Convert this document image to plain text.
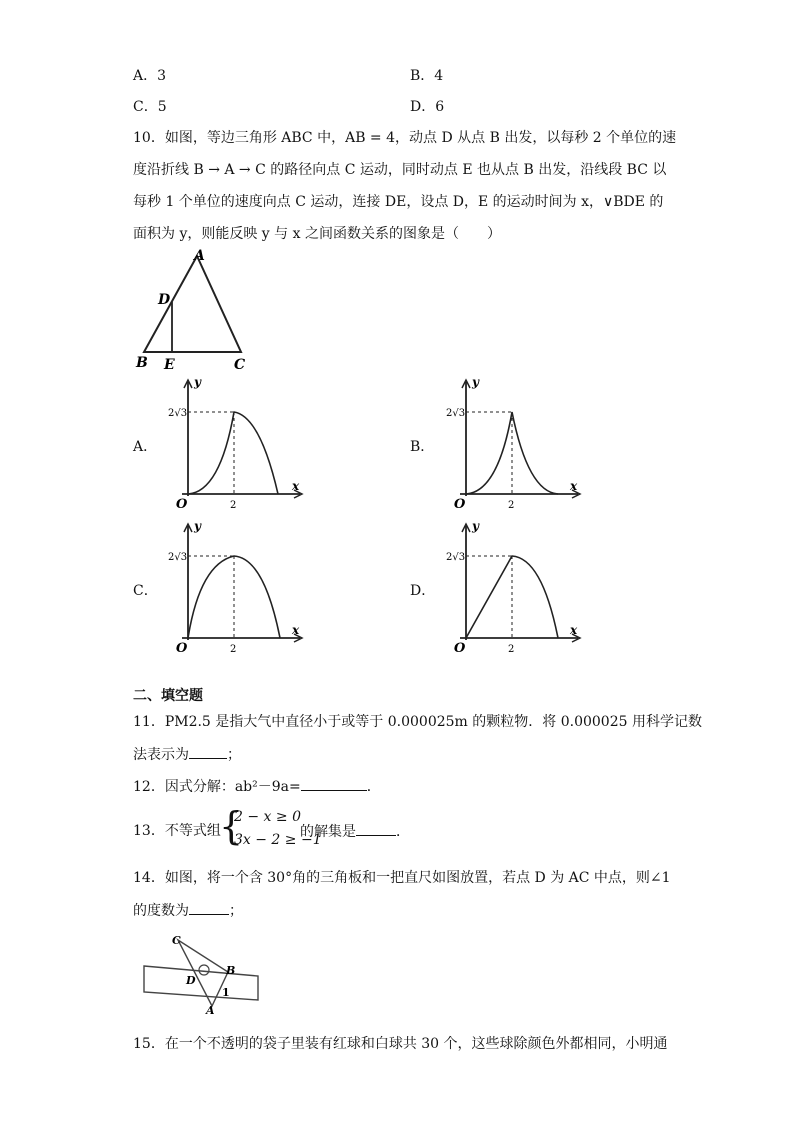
A．3	B．4
C．5	D．6
10．如图，等边三角形 ABC 中，AB = 4，动点 D 从点 B 出发，以每秒 2 个单位的速
度沿折线 B → A → C 的路径向点 C 运动，同时动点 E 也从点 B 出发，沿线段 BC 以
每秒 1 个单位的速度向点 C 运动，连接 DE，设点 D，E 的运动时间为 x，∨BDE 的
面积为 y，则能反映 y 与 x 之间函数关系的图象是（　　）
A
D
B E	C
A．	B．
C．	D．
y
x
O
2√3
2
y
x
O
2√3
2
y
x
O
2√3
2
y
x
O
2√3
2
二、填空题
11．PM2.5 是指大气中直径小于或等于 0.000025m 的颗粒物．将 0.000025 用科学记数
法表示为	；
12．因式分解：ab²－9a=	．
13．不等式组
{
2 − x ≥ 0
3x − 2 ≥ −1
的解集是	．
14．如图，将一个含 30°角的三角板和一把直尺如图放置，若点 D 为 AC 中点，则∠1
的度数为	；
C
B
D
1
A
15．在一个不透明的袋子里装有红球和白球共 30 个，这些球除颜色外都相同，小明通
